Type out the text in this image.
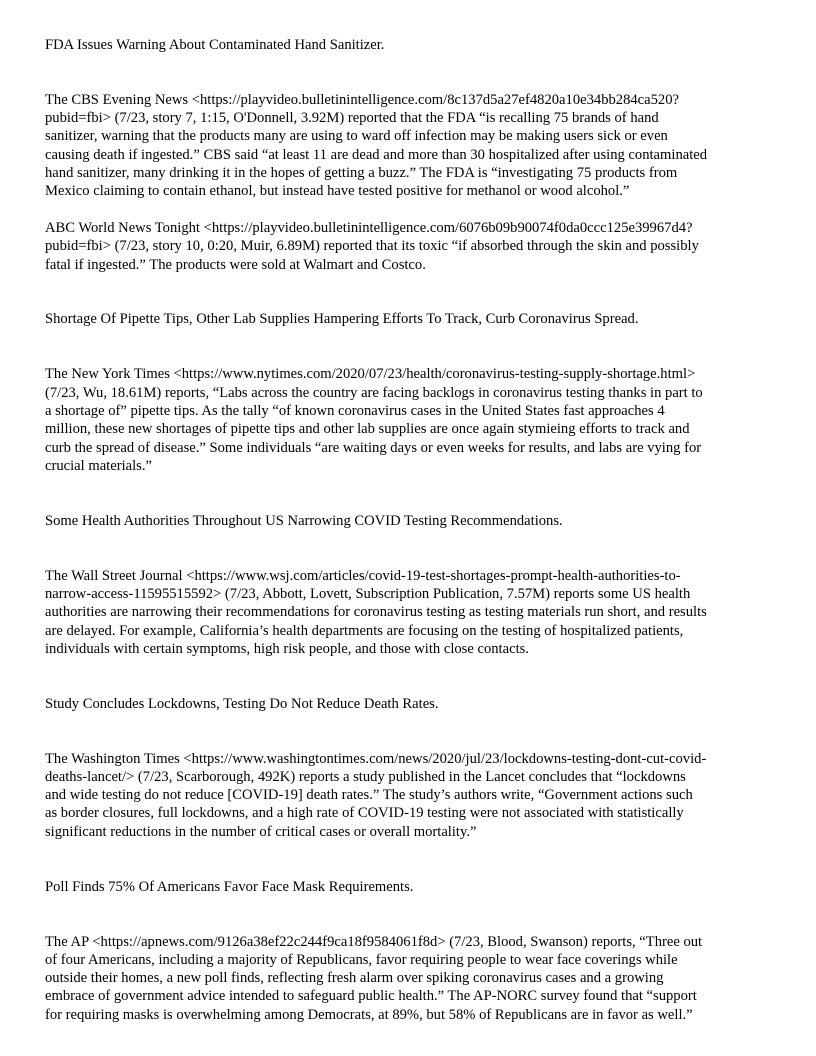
FDA Issues Warning About Contaminated Hand Sanitizer.

The CBS Evening News <https://playvideo.bulletinintelligence.com/8c137d5a27ef4820a10e34bb284ca520?
pubid=fbi> (7/23, story 7, 1:15, O'Donnell, 3.92M) reported that the FDA “is recalling 75 brands of hand
sanitizer, warning that the products many are using to ward off infection may be making users sick or even
causing death if ingested.” CBS said “at least 11 are dead and more than 30 hospitalized after using contaminated
hand sanitizer, many drinking it in the hopes of getting a buzz.” The FDA is “investigating 75 products from
Mexico claiming to contain ethanol, but instead have tested positive for methanol or wood alcohol.”

ABC World News Tonight <https://playvideo.bulletinintelligence.com/6076b09b90074f0da0ccc125e39967d4?
pubid=fbi> (7/23, story 10, 0:20, Muir, 6.89M) reported that its toxic “if absorbed through the skin and possibly
fatal if ingested.” The products were sold at Walmart and Costco.

Shortage Of Pipette Tips, Other Lab Supplies Hampering Efforts To Track, Curb Coronavirus Spread.

The New York Times <https://www.nytimes.com/2020/07/23/health/coronavirus-testing-supply-shortage.html>
(7/23, Wu, 18.61M) reports, “Labs across the country are facing backlogs in coronavirus testing thanks in part to
a shortage of” pipette tips. As the tally “of known coronavirus cases in the United States fast approaches 4
million, these new shortages of pipette tips and other lab supplies are once again stymieing efforts to track and
curb the spread of disease.” Some individuals “are waiting days or even weeks for results, and labs are vying for
crucial materials.”

Some Health Authorities Throughout US Narrowing COVID Testing Recommendations.

The Wall Street Journal <https://www.wsj.com/articles/covid-19-test-shortages-prompt-health-authorities-to-
narrow-access-11595515592> (7/23, Abbott, Lovett, Subscription Publication, 7.57M) reports some US health
authorities are narrowing their recommendations for coronavirus testing as testing materials run short, and results
are delayed. For example, California’s health departments are focusing on the testing of hospitalized patients,
individuals with certain symptoms, high risk people, and those with close contacts.

Study Concludes Lockdowns, Testing Do Not Reduce Death Rates.

The Washington Times <https://www.washingtontimes.com/news/2020/jul/23/lockdowns-testing-dont-cut-covid-
deaths-lancet/> (7/23, Scarborough, 492K) reports a study published in the Lancet concludes that “lockdowns
and wide testing do not reduce [COVID-19] death rates.” The study’s authors write, “Government actions such
as border closures, full lockdowns, and a high rate of COVID-19 testing were not associated with statistically
significant reductions in the number of critical cases or overall mortality.”

Poll Finds 75% Of Americans Favor Face Mask Requirements.

The AP <https://apnews.com/9126a38ef22c244f9ca18f9584061f8d> (7/23, Blood, Swanson) reports, “Three out
of four Americans, including a majority of Republicans, favor requiring people to wear face coverings while
outside their homes, a new poll finds, reflecting fresh alarm over spiking coronavirus cases and a growing
embrace of government advice intended to safeguard public health.” The AP-NORC survey found that “support
for requiring masks is overwhelming among Democrats, at 89%, but 58% of Republicans are in favor as well.”
